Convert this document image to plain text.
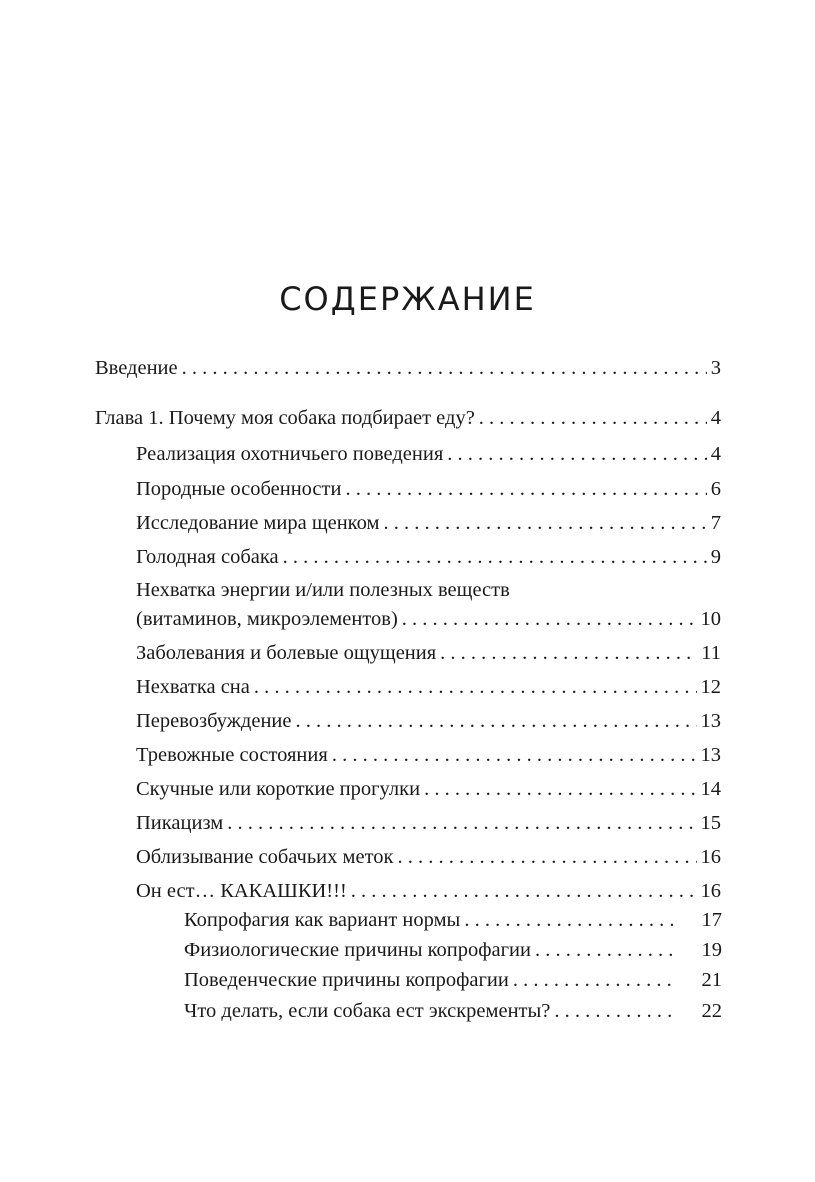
СОДЕРЖАНИЕ
Введение . . .	3
Глава 1. Почему моя собака подбирает еду? . . .	4
Реализация охотничьего поведения . . .	4
Породные особенности . . .	6
Исследование мира щенком . . .	7
Голодная собака . . .	9
Нехватка энергии и/или полезных веществ
(витаминов, микроэлементов) . . .	10
Заболевания и болевые ощущения . . .	11
Нехватка сна . . .	12
Перевозбуждение . . .	13
Тревожные состояния . . .	13
Скучные или короткие прогулки . . .	14
Пикацизм . . .	15
Облизывание собачьих меток . . .	16
Он ест… КАКАШКИ!!! . . .	16
Копрофагия как вариант нормы . . .	17
Физиологические причины копрофагии . . .	19
Поведенческие причины копрофагии . . .	21
Что делать, если собака ест экскременты? . . .	22
